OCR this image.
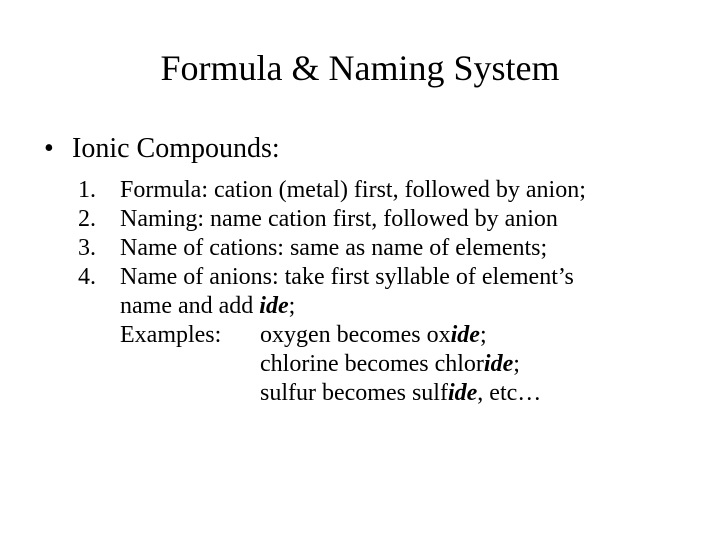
Formula & Naming System
• Ionic Compounds:
1. Formula: cation (metal) first, followed by anion;
2. Naming: name cation first, followed by anion
3. Name of cations: same as name of elements;
4. Name of anions: take first syllable of element’s
name and add ide;
Examples: oxygen becomes oxide;
chlorine becomes chloride;
sulfur becomes sulfide, etc…
